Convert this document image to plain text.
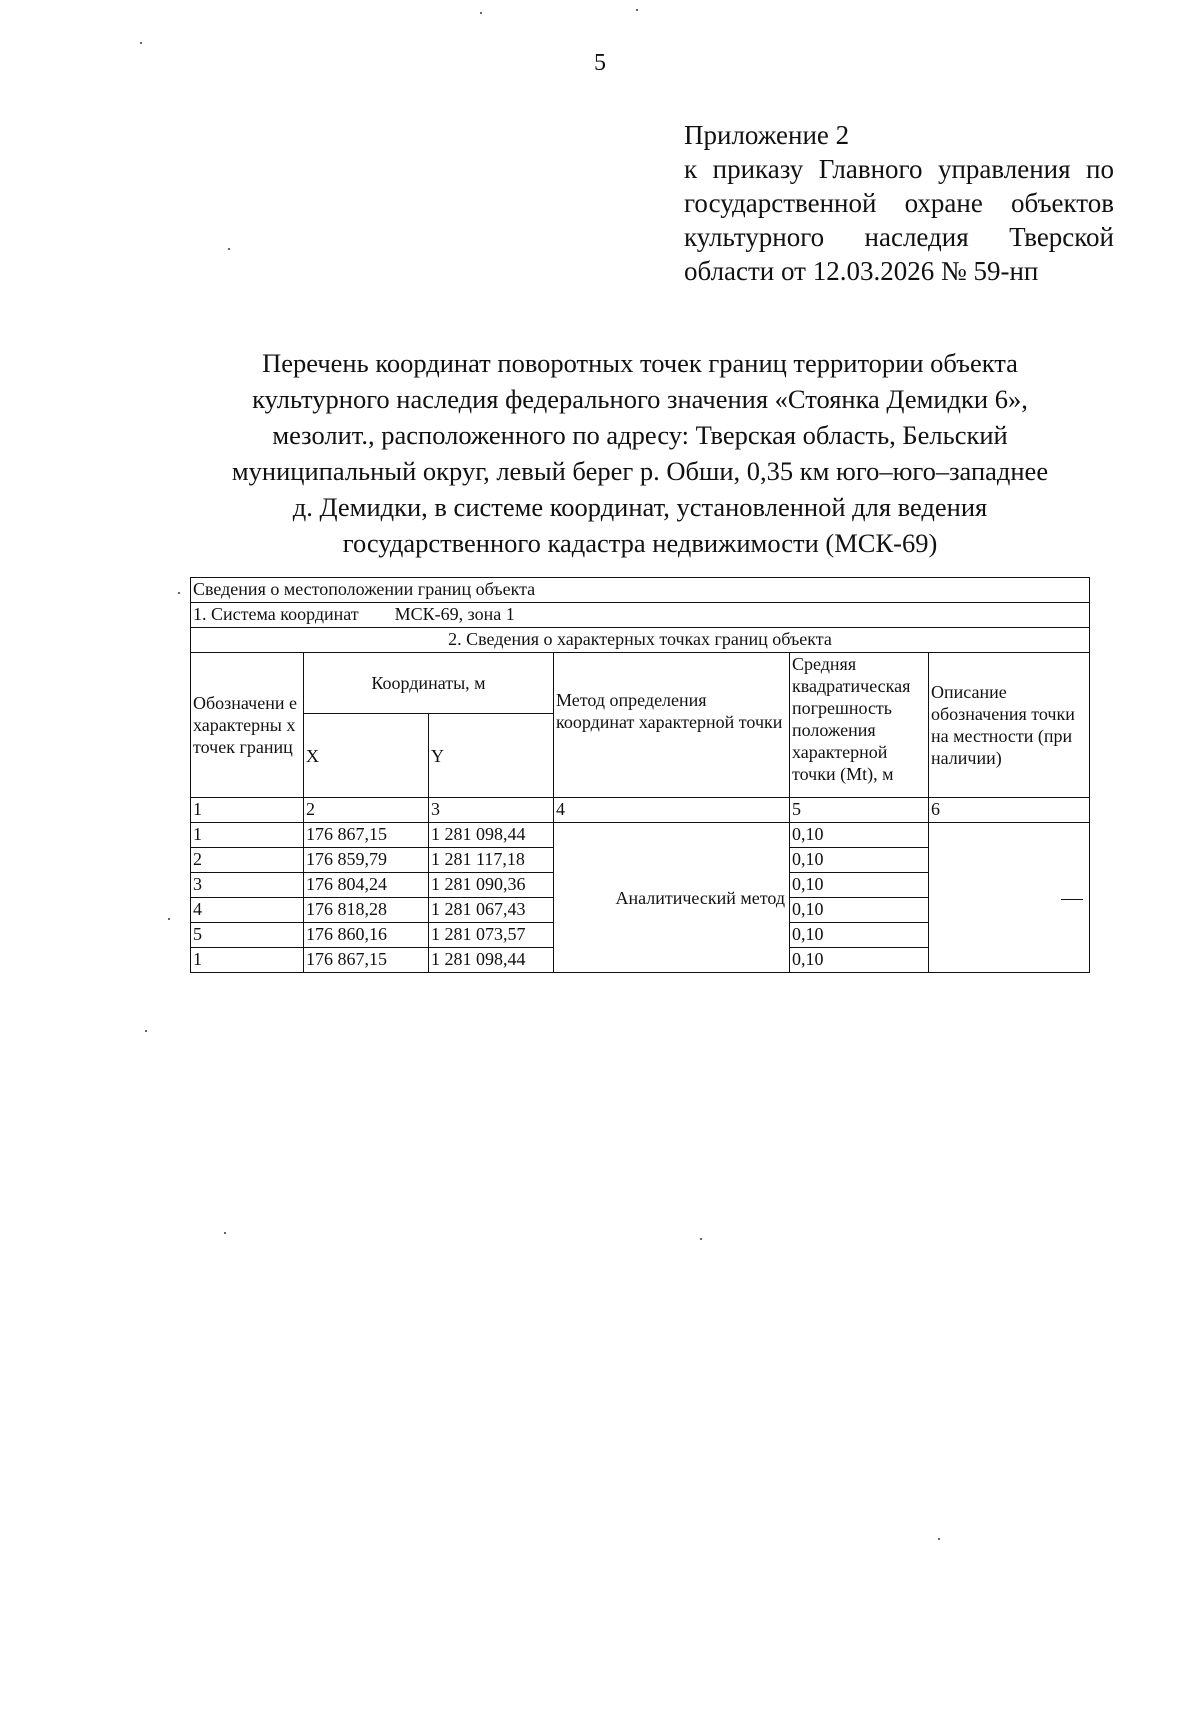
5
Приложение 2
к приказу Главного управления по государственной охране объектов культурного наследия Тверской области от 12.03.2026 № 59-нп
Перечень координат поворотных точек границ территории объекта
культурного наследия федерального значения «Стоянка Демидки 6»,
мезолит., расположенного по адресу: Тверская область, Бельский
муниципальный округ, левый берег р. Обши, 0,35 км юго–юго–западнее
д. Демидки, в системе координат, установленной для ведения
государственного кадастра недвижимости (МСК-69)
Сведения о местоположении границ объекта					
1. Система координат МСК-69, зона 1					
2. Сведения о характерных точках границ объекта					
Обозначени е характерны х точек границ	Координаты, м		Метод определения координат характерной точки	Средняя квадратическая погрешность положения характерной точки (Mt), м	Описание обозначения точки на местности (при наличии)
	X	Y			
1	2	3	4	5	6
1	176 867,15	1 281 098,44	Аналитический метод	0,10	
2	176 859,79	1 281 117,18		0,10	
3	176 804,24	1 281 090,36		0,10	
4	176 818,28	1 281 067,43		0,10	
5	176 860,16	1 281 073,57		0,10	
1	176 867,15	1 281 098,44		0,10	
